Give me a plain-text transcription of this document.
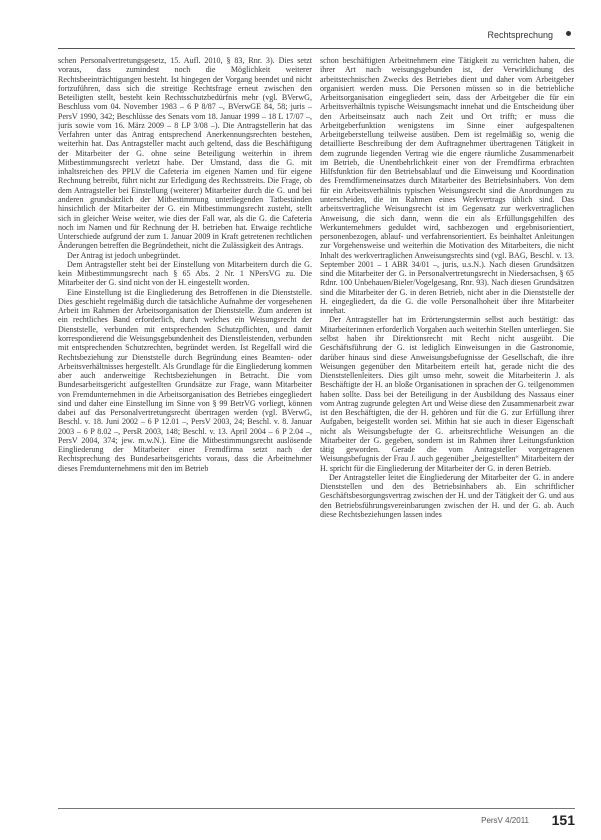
Rechtsprechung

schen Personalvertretungsgesetz, 15. Aufl. 2010, § 83, Rnr. 3). Dies setzt voraus, dass zumindest noch die Möglichkeit weiterer Rechtsbeeinträchtigungen besteht. Ist hingegen der Vorgang beendet und nicht fortzuführen, dass sich die streitige Rechtsfrage erneut zwischen den Beteiligten stellt, besteht kein Rechtsschutzbedürfnis mehr (vgl. BVerwG, Beschluss vom 04. November 1983 – 6 P 8/87 –, BVerwGE 84, 58; juris – PersV 1990, 342; Beschlüsse des Senats vom 18. Januar 1999 – 18 L 17/07 –, juris sowie vom 16. März 2009 – 8 LP 3/08 –). Die Antragstellerin hat das Verfahren unter das Antrag entsprechend Anerkennungsrechten bestehen, weiterhin hat. Das Antragsteller macht auch geltend, dass die Beschäftigung der Mitarbeiter der G. ohne seine Beteiligung weiterhin in ihrem Mitbestimmungsrecht verletzt habe. Der Umstand, dass die G. mit inhaltsreichen des PPLV die Cafeteria im eigenen Namen und für eigene Rechnung betreibt, führt nicht zur Erledigung des Rechtsstreits. Die Frage, ob dem Antragsteller bei Einstellung (weiterer) Mitarbeiter durch die G. und bei anderen grundsätzlich der Mitbestimmung unterliegenden Tatbeständen hinsichtlich der Mitarbeiter der G. ein Mitbestimmungsrecht zusteht, stellt sich in gleicher Weise weiter, wie dies der Fall war, als die G. die Cafeteria noch im Namen und für Rechnung der H. betrieben hat. Etwaige rechtliche Unterschiede aufgrund der zum 1. Januar 2009 in Kraft getretenen rechtlichen Änderungen betreffen die Begründetheit, nicht die Zulässigkeit des Antrags.

Der Antrag ist jedoch unbegründet.

Dem Antragsteller steht bei der Einstellung von Mitarbeitern durch die G. kein Mitbestimmungsrecht nach § 65 Abs. 2 Nr. 1 NPersVG zu. Die Mitarbeiter der G. sind nicht von der H. eingestellt worden.

Eine Einstellung ist die Eingliederung des Betroffenen in die Dienststelle. Dies geschieht regelmäßig durch die tatsächliche Aufnahme der vorgesehenen Arbeit im Rahmen der Arbeitsorganisation der Dienststelle. Zum anderen ist ein rechtliches Band erforderlich, durch welches ein Weisungsrecht der Dienststelle, verbunden mit entsprechenden Schutzpflichten, und damit korrespondierend die Weisungsgebundenheit des Dienstleistenden, verbunden mit entsprechenden Schutzrechten, begründet werden. Ist Regelfall wird die Rechtsbeziehung zur Dienststelle durch Begründung eines Beamten- oder Arbeitsverhältnisses hergestellt. Als Grundlage für die Eingliederung kommen aber auch anderweitige Rechtsbeziehungen in Betracht. Die vom Bundesarbeitsgericht aufgestellten Grundsätze zur Frage, wann Mitarbeiter von Fremdunternehmen in die Arbeitsorganisation des Betriebes eingegliedert sind und daher eine Einstellung im Sinne von § 99 BetrVG vorliegt, können dabei auf das Personalvertretungsrecht übertragen werden (vgl. BVerwG, Beschl. v. 18. Juni 2002 – 6 P 12.01 –, PersV 2003, 24; Beschl. v. 8. Januar 2003 – 6 P 8.02 –, PersR 2003, 148; Beschl. v. 13. April 2004 – 6 P 2.04 –, PersV 2004, 374; jew. m.w.N.). Eine die Mitbestimmungsrecht auslösende Eingliederung der Mitarbeiter einer Fremdfirma setzt nach der Rechtsprechung des Bundesarbeitsgerichts voraus, dass die Arbeitnehmer dieses Fremdunternehmens mit den im Betrieb

schon beschäftigten Arbeitnehmern eine Tätigkeit zu verrichten haben, die ihrer Art nach weisungsgebunden ist, der Verwirklichung des arbeitstechnischen Zwecks des Betriebes dient und daher vom Arbeitgeber organisiert werden muss. Die Personen müssen so in die betriebliche Arbeitsorganisation eingegliedert sein, dass der Arbeitgeber die für ein Arbeitsverhältnis typische Weisungsmacht innehat und die Entscheidung über den Arbeitseinsatz auch nach Zeit und Ort trifft; er muss die Arbeitgeberfunktion wenigstens im Sinne einer aufgespaltenen Arbeitgeberstellung teilweise ausüben. Dem ist regelmäßig so, wenig die detaillierte Beschreibung der dem Auftragnehmer übertragenen Tätigkeit in dem zugrunde liegenden Vertrag wie die engere räumliche Zusammenarbeit im Betrieb, die Unentbehrlichkeit einer von der Fremdfirma erbrachten Hilfsfunktion für den Betriebsablauf und die Einweisung und Koordination des Fremdfirmeneinsatzes durch Mitarbeiter des Betriebsinhabers. Von dem für ein Arbeitsverhältnis typischen Weisungsrecht sind die Anordnungen zu unterscheiden, die im Rahmen eines Werkvertrags üblich sind. Das arbeitsvertragliche Weisungsrecht ist im Gegensatz zur werkvertraglichen Anweisung, die sich dann, wenn die ein als Erfüllungsgehilfen des Werkunternehmers geduldet wird, sachbezogen und ergebnisorientiert, personenbezogen, ablauf- und verfahrensorientiert. Es beinhaltet Anleitungen zur Vorgehensweise und weiterhin die Motivation des Mitarbeiters, die nicht Inhalt des werkvertraglichen Anweisungsrechts sind (vgl. BAG, Beschl. v. 13. September 2001 – 1 ABR 34/01 –, juris, u.s.N.). Nach diesen Grundsätzen sind die Mitarbeiter der G. in Personalvertretungsrecht in Niedersachsen, § 65 Rdnr. 100 Unbehauen/Bieler/Vogelgesang, Rnr. 93). Nach diesen Grundsätzen sind die Mitarbeiter der G. in deren Betrieb, nicht aber in die Dienststelle der H. eingegliedert, da die G. die volle Personalhoheit über ihre Mitarbeiter innehat.

Der Antragsteller hat im Erörterungstermin selbst auch bestätigt: das Mitarbeiterinnen erforderlich Vorgaben auch weiterhin Stellen unterliegen. Sie selbst haben ihr Direktionsrecht mit Recht nicht ausgeübt. Die Geschäftsführung der G. ist lediglich Einweisungen in die Gastronomie, darüber hinaus sind diese Anweisungsbefugnisse der Gesellschaft, die ihre Weisungen gegenüber den Mitarbeitern erteilt hat, gerade nicht die des Dienststellenleiters. Dies gilt umso mehr, soweit die Mitarbeiterin J. als Beschäftigte der H. an bloße Organisationen in sprachen der G. teilgenommen haben sollte. Dass bei der Beteiligung in der Ausbildung des Nassaus einer vom Antrag zugrunde gelegten Art und Weise diese den Zusammenarbeit zwar ist den Beschäftigten, die der H. gehören und für die G. zur Erfüllung ihrer Aufgaben, beigestellt worden sei. Mithin hat sie auch in dieser Eigenschaft nicht als Weisungsbefugte der G. arbeitsrechtliche Weisungen an die Mitarbeiter der G. gegeben, sondern ist im Rahmen ihrer Leitungsfunktion tätig geworden. Gerade die vom Antragsteller vorgetragenen Weisungsbefugnis der Frau J. auch gegenüber „beigestellten“ Mitarbeitern der H. spricht für die Eingliederung der Mitarbeiter der G. in deren Betrieb.

Der Antragsteller leitet die Eingliederung der Mitarbeiter der G. in andere Dienststellen und den des Betriebsinhabers ab. Ein schriftlicher Geschäftsbesorgungsvertrag zwischen der H. und der Tätigkeit der G. und aus den Betriebsführungsvereinbarungen zwischen der H. und der G. ab. Auch diese Rechtsbeziehungen lassen indes

PersV 4/2011 151
